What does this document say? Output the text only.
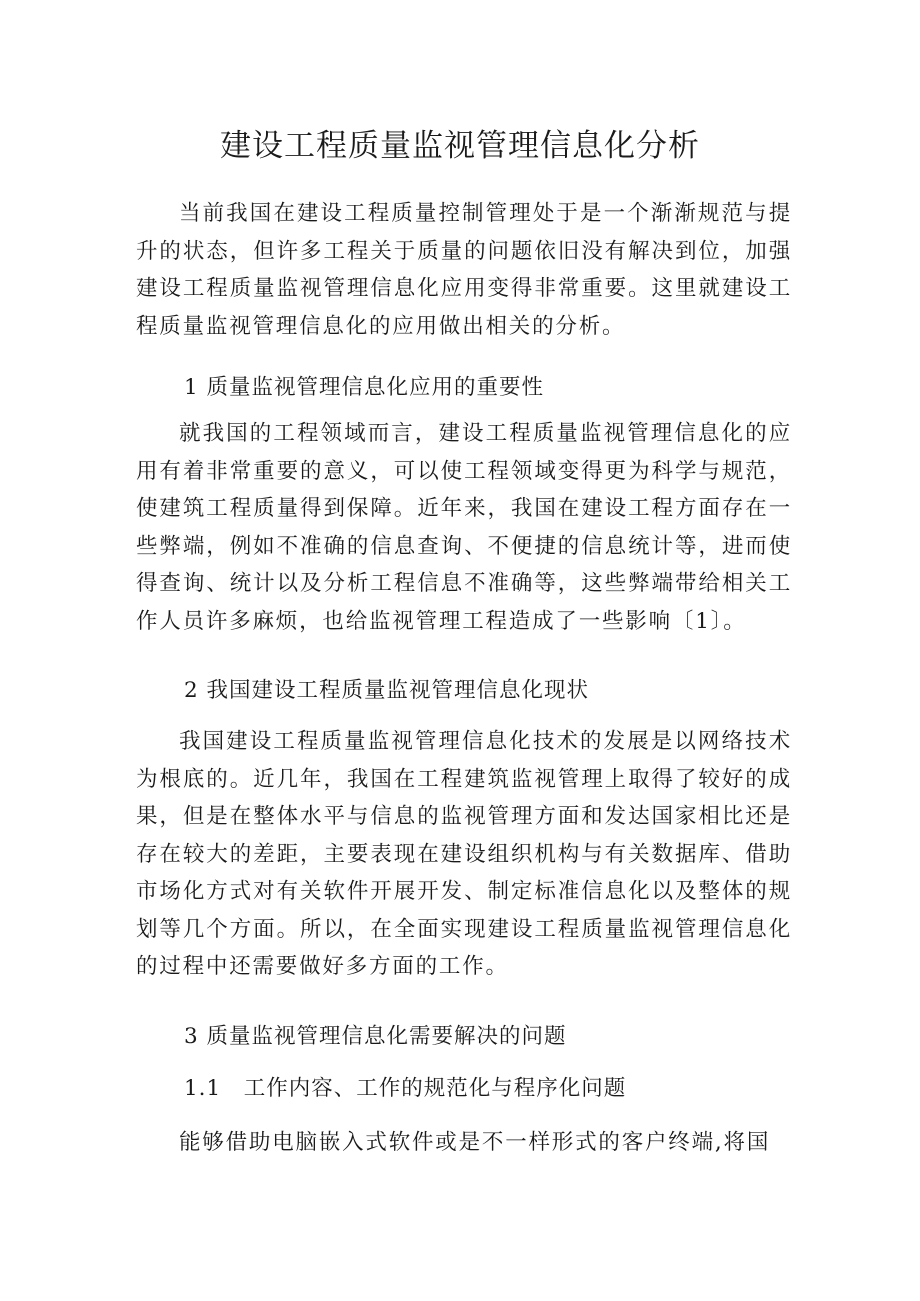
建设工程质量监视管理信息化分析

当前我国在建设工程质量控制管理处于是一个渐渐规范与提升的状态，但许多工程关于质量的问题依旧没有解决到位，加强建设工程质量监视管理信息化应用变得非常重要。这里就建设工程质量监视管理信息化的应用做出相关的分析。

1 质量监视管理信息化应用的重要性

就我国的工程领域而言，建设工程质量监视管理信息化的应用有着非常重要的意义，可以使工程领域变得更为科学与规范，使建筑工程质量得到保障。近年来，我国在建设工程方面存在一些弊端，例如不准确的信息查询、不便捷的信息统计等，进而使得查询、统计以及分析工程信息不准确等，这些弊端带给相关工作人员许多麻烦，也给监视管理工程造成了一些影响〔1〕。

2 我国建设工程质量监视管理信息化现状

我国建设工程质量监视管理信息化技术的发展是以网络技术为根底的。近几年，我国在工程建筑监视管理上取得了较好的成果，但是在整体水平与信息的监视管理方面和发达国家相比还是存在较大的差距，主要表现在建设组织机构与有关数据库、借助市场化方式对有关软件开展开发、制定标准信息化以及整体的规划等几个方面。所以，在全面实现建设工程质量监视管理信息化的过程中还需要做好多方面的工作。

3 质量监视管理信息化需要解决的问题

1.1　工作内容、工作的规范化与程序化问题

能够借助电脑嵌入式软件或是不一样形式的客户终端,将国
